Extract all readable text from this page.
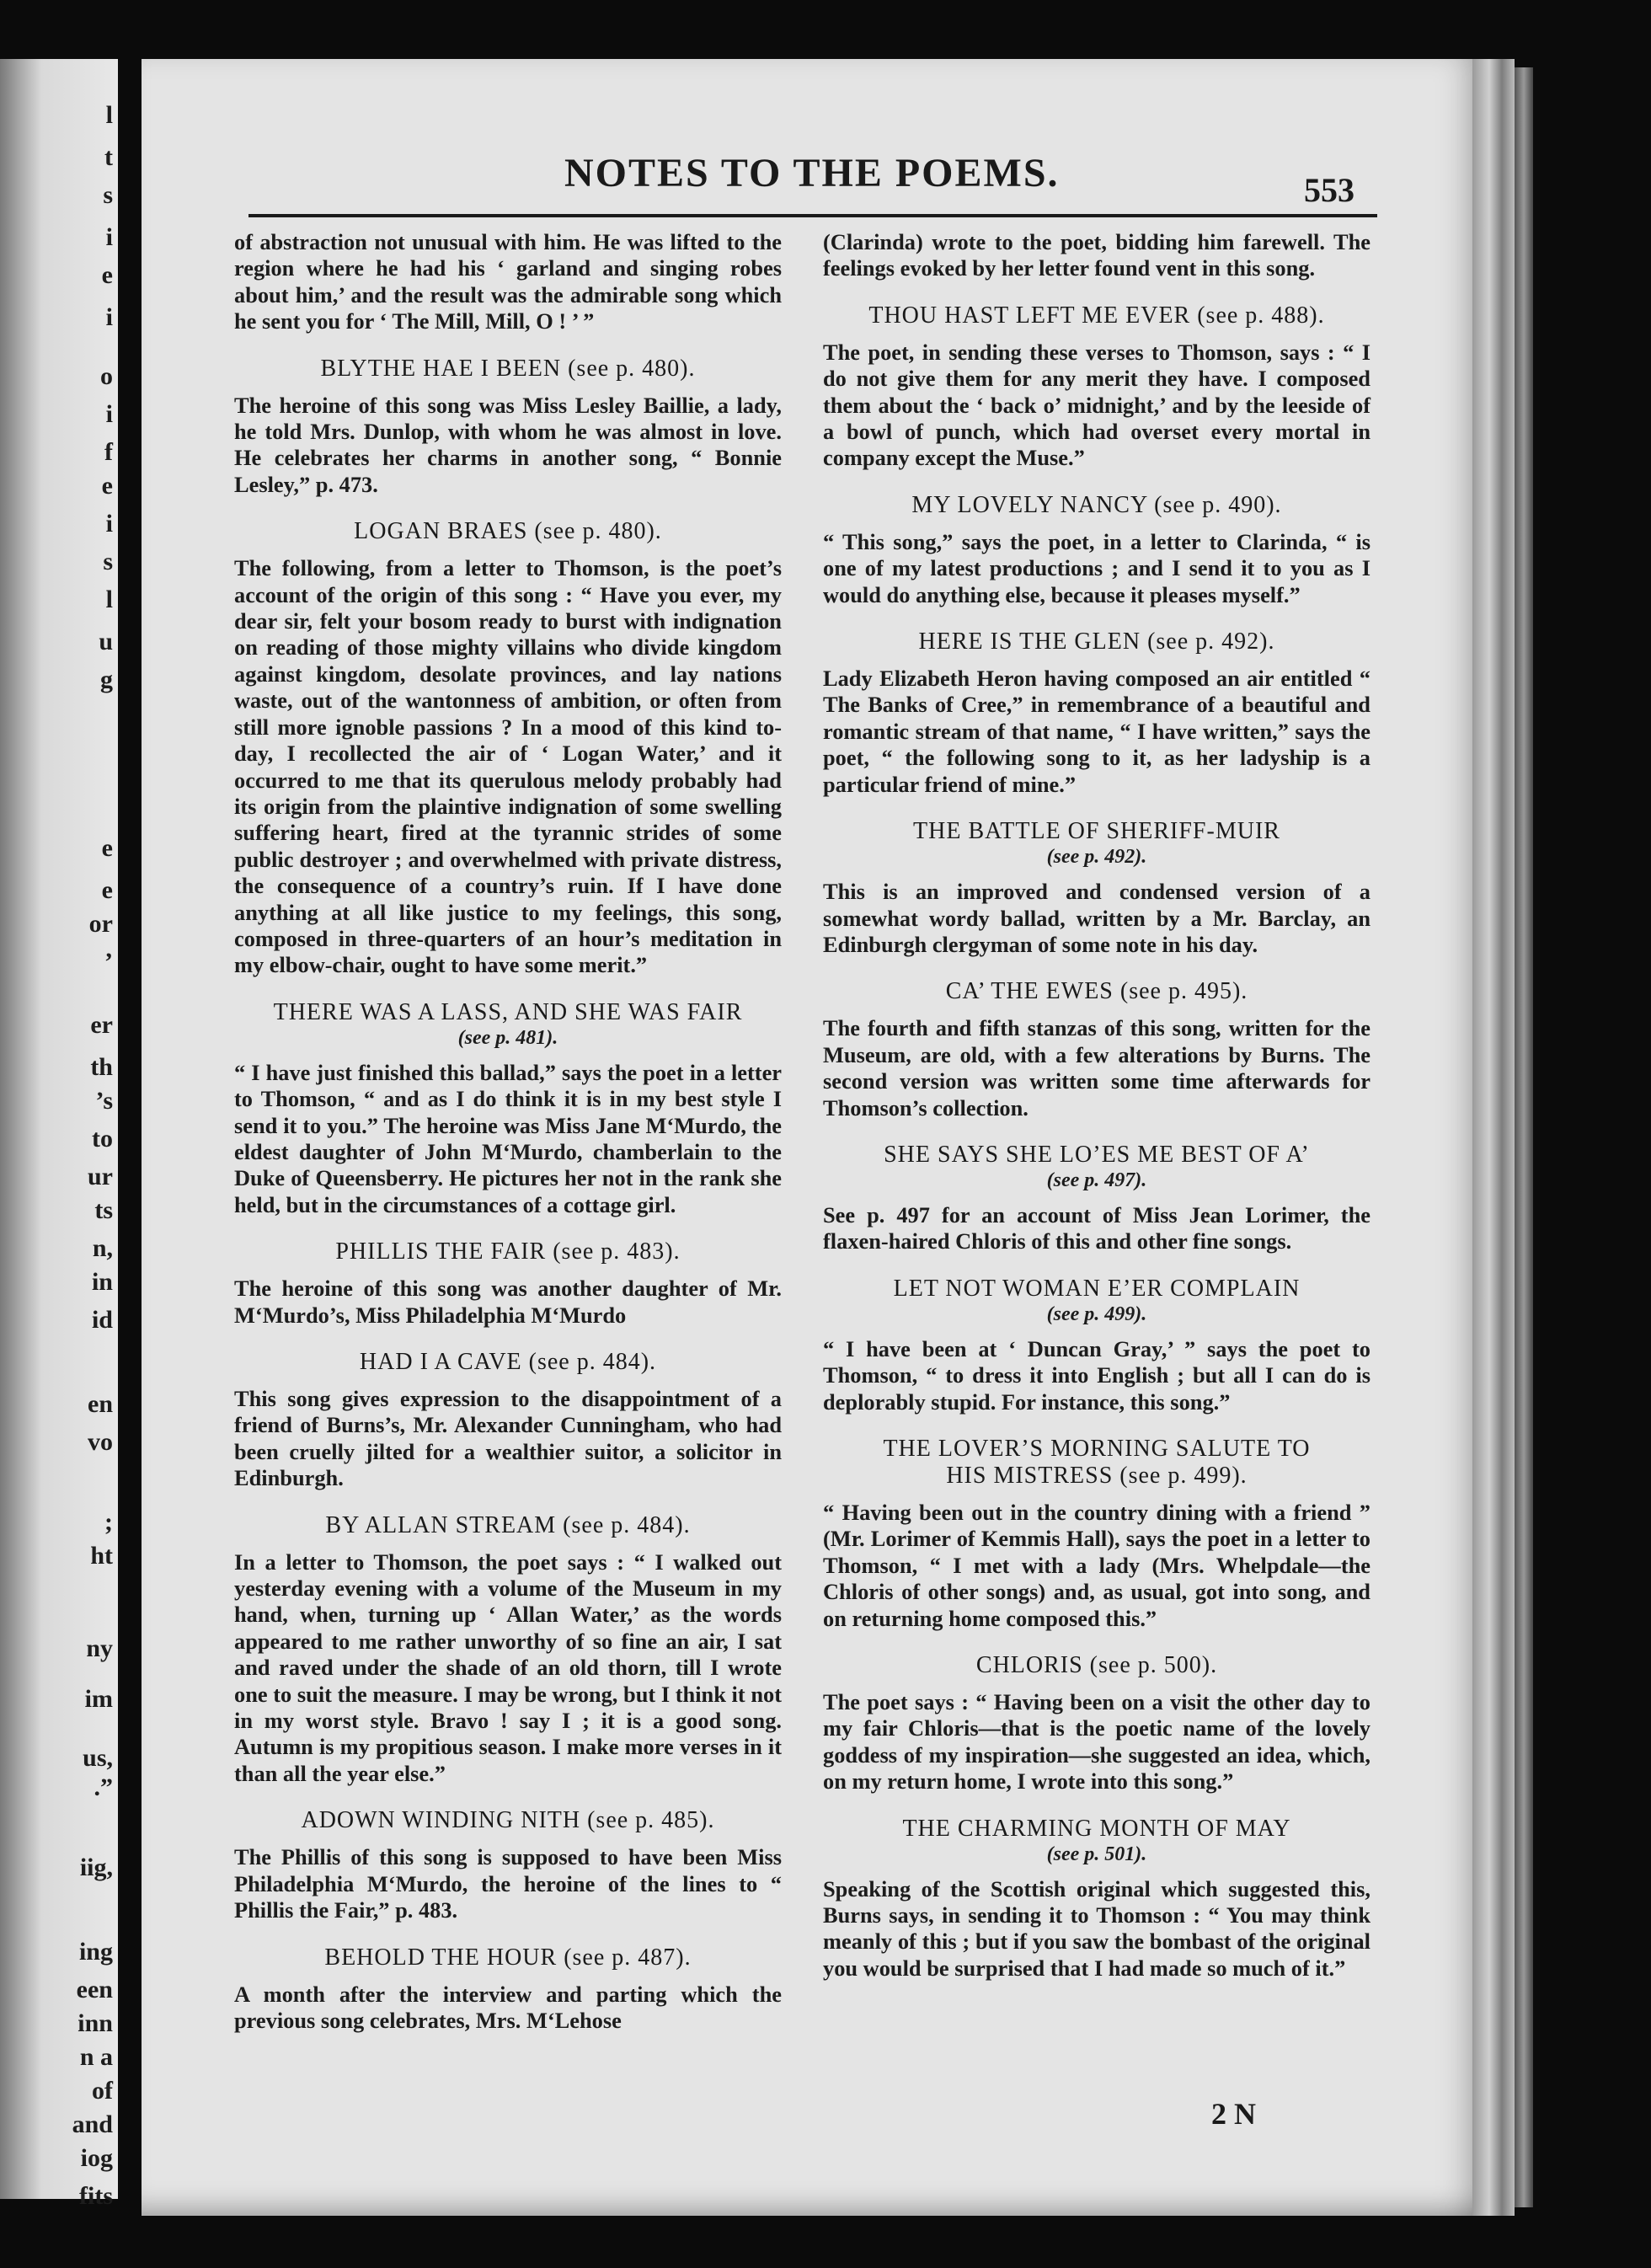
l
t
s
i
e
i
o
i
f
e
i
s
l
u
g
e
e
or
’
er
th
’s
to
ur
ts
n,
in
id
en
vo
;
ht
ny
im
us,
.”
iig,
ing
een
inn
n a
of
and
iog
fits
NOTES TO THE POEMS.	553

of abstraction not unusual with him. He was lifted to the region where he had his ‘ garland and singing robes about him,’ and the result was the admirable song which he sent you for ‘ The Mill, Mill, O ! ’ ”

BLYTHE HAE I BEEN (see p. 480).

The heroine of this song was Miss Lesley Baillie, a lady, he told Mrs. Dunlop, with whom he was almost in love. He celebrates her charms in another song, “ Bonnie Lesley,” p. 473.

LOGAN BRAES (see p. 480).

The following, from a letter to Thomson, is the poet’s account of the origin of this song : “ Have you ever, my dear sir, felt your bosom ready to burst with indignation on reading of those mighty villains who divide kingdom against kingdom, desolate provinces, and lay nations waste, out of the wantonness of ambition, or often from still more ignoble passions ? In a mood of this kind to-day, I recollected the air of ‘ Logan Water,’ and it occurred to me that its querulous melody probably had its origin from the plaintive indignation of some swelling suffering heart, fired at the tyrannic strides of some public destroyer ; and overwhelmed with private distress, the consequence of a country’s ruin. If I have done anything at all like justice to my feelings, this song, composed in three-quarters of an hour’s meditation in my elbow-chair, ought to have some merit.”

THERE WAS A LASS, AND SHE WAS FAIR

(see p. 481).

“ I have just finished this ballad,” says the poet in a letter to Thomson, “ and as I do think it is in my best style I send it to you.” The heroine was Miss Jane M‘Murdo, the eldest daughter of John M‘Murdo, chamberlain to the Duke of Queensberry. He pictures her not in the rank she held, but in the circumstances of a cottage girl.

PHILLIS THE FAIR (see p. 483).

The heroine of this song was another daughter of Mr. M‘Murdo’s, Miss Philadelphia M‘Murdo

HAD I A CAVE (see p. 484).

This song gives expression to the disappointment of a friend of Burns’s, Mr. Alexander Cunningham, who had been cruelly jilted for a wealthier suitor, a solicitor in Edinburgh.

BY ALLAN STREAM (see p. 484).

In a letter to Thomson, the poet says : “ I walked out yesterday evening with a volume of the Museum in my hand, when, turning up ‘ Allan Water,’ as the words appeared to me rather unworthy of so fine an air, I sat and raved under the shade of an old thorn, till I wrote one to suit the measure. I may be wrong, but I think it not in my worst style. Bravo ! say I ; it is a good song. Autumn is my propitious season. I make more verses in it than all the year else.”

ADOWN WINDING NITH (see p. 485).

The Phillis of this song is supposed to have been Miss Philadelphia M‘Murdo, the heroine of the lines to “ Phillis the Fair,” p. 483.

BEHOLD THE HOUR (see p. 487).

A month after the interview and parting which the previous song celebrates, Mrs. M‘Lehose

(Clarinda) wrote to the poet, bidding him farewell. The feelings evoked by her letter found vent in this song.

THOU HAST LEFT ME EVER (see p. 488).

The poet, in sending these verses to Thomson, says : “ I do not give them for any merit they have. I composed them about the ‘ back o’ midnight,’ and by the leeside of a bowl of punch, which had overset every mortal in company except the Muse.”

MY LOVELY NANCY (see p. 490).

“ This song,” says the poet, in a letter to Clarinda, “ is one of my latest productions ; and I send it to you as I would do anything else, because it pleases myself.”

HERE IS THE GLEN (see p. 492).

Lady Elizabeth Heron having composed an air entitled “ The Banks of Cree,” in remembrance of a beautiful and romantic stream of that name, “ I have written,” says the poet, “ the following song to it, as her ladyship is a particular friend of mine.”

THE BATTLE OF SHERIFF-MUIR

(see p. 492).

This is an improved and condensed version of a somewhat wordy ballad, written by a Mr. Barclay, an Edinburgh clergyman of some note in his day.

CA’ THE EWES (see p. 495).

The fourth and fifth stanzas of this song, written for the Museum, are old, with a few alterations by Burns. The second version was written some time afterwards for Thomson’s collection.

SHE SAYS SHE LO’ES ME BEST OF A’

(see p. 497).

See p. 497 for an account of Miss Jean Lorimer, the flaxen-haired Chloris of this and other fine songs.

LET NOT WOMAN E’ER COMPLAIN

(see p. 499).

“ I have been at ‘ Duncan Gray,’ ” says the poet to Thomson, “ to dress it into English ; but all I can do is deplorably stupid. For instance, this song.”

THE LOVER’S MORNING SALUTE TO
HIS MISTRESS (see p. 499).

“ Having been out in the country dining with a friend ” (Mr. Lorimer of Kemmis Hall), says the poet in a letter to Thomson, “ I met with a lady (Mrs. Whelpdale—the Chloris of other songs) and, as usual, got into song, and on returning home composed this.”

CHLORIS (see p. 500).

The poet says : “ Having been on a visit the other day to my fair Chloris—that is the poetic name of the lovely goddess of my inspiration—she suggested an idea, which, on my return home, I wrote into this song.”

THE CHARMING MONTH OF MAY

(see p. 501).

Speaking of the Scottish original which suggested this, Burns says, in sending it to Thomson : “ You may think meanly of this ; but if you saw the bombast of the original you would be surprised that I had made so much of it.”

2 N
